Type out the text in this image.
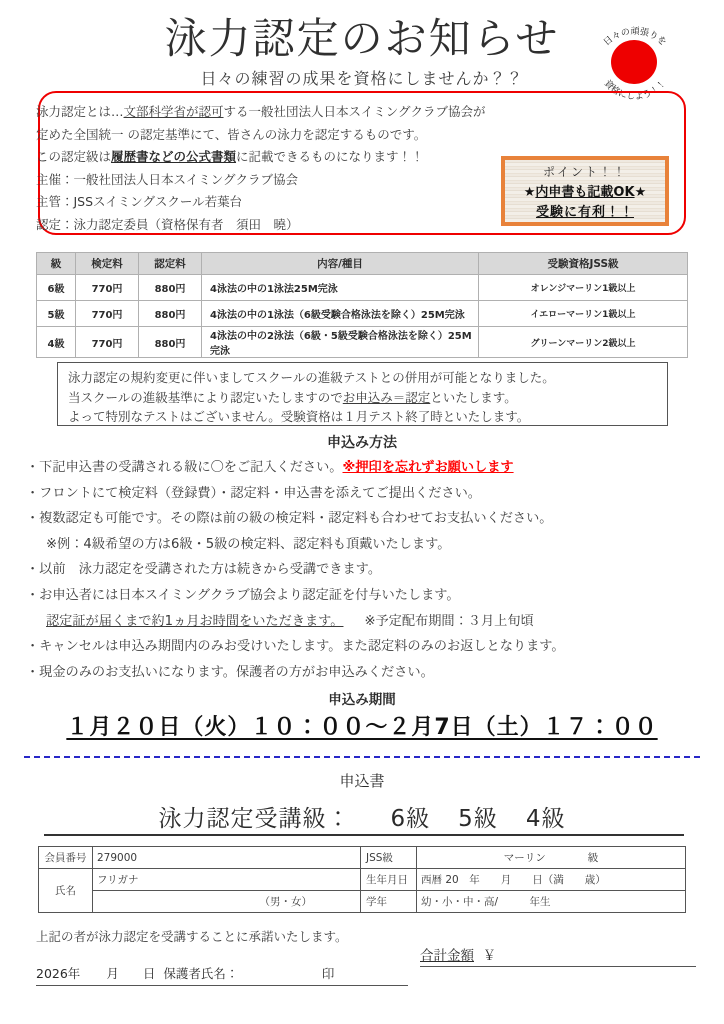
泳力認定のお知らせ
日々の練習の成果を資格にしませんか？？
日々の頑張りを
資格にしよう！！
泳力認定とは…文部科学省が認可する一般社団法人日本スイミングクラブ協会が
定めた全国統一 の認定基準にて、皆さんの泳力を認定するものです。
この認定級は履歴書などの公式書類に記載できるものになります！！
主催：一般社団法人日本スイミングクラブ協会
主管：JSSスイミングスクール若葉台
認定：泳力認定委員（資格保有者　須田　曉）
ポイント！！
★内申書も記載OK★
受験に有利！！
級	検定料	認定料	内容/種目	受験資格JSS級
6級	770円	880円	4泳法の中の1泳法25M完泳	オレンジマーリン1級以上
5級	770円	880円	4泳法の中の1泳法（6級受験合格泳法を除く）25M完泳	イエローマーリン1級以上
4級	770円	880円	4泳法の中の2泳法（6級・5級受験合格泳法を除く）25M完泳	グリーンマーリン2級以上
泳力認定の規約変更に伴いましてスクールの進級テストとの併用が可能となりました。
当スクールの進級基準により認定いたしますのでお申込み＝認定といたします。
よって特別なテストはございません。受験資格は１月テスト終了時といたします。
申込み方法
・下記申込書の受講される級に〇をご記入ください。※押印を忘れずお願いします
・フロントにて検定料（登録費）・認定料・申込書を添えてご提出ください。
・複数認定も可能です。その際は前の級の検定料・認定料も合わせてお支払いください。
※例：4級希望の方は6級・5級の検定料、認定料も頂戴いたします。
・以前　泳力認定を受講された方は続きから受講できます。
・お申込者には日本スイミングクラブ協会より認定証を付与いたします。
認定証が届くまで約1ヵ月お時間をいただきます。 ※予定配布期間：３月上旬頃
・キャンセルは申込み期間内のみお受けいたします。また認定料のみのお返しとなります。
・現金のみのお支払いになります。保護者の方がお申込みください。
申込み期間
１月２０日（火）１０：００〜２月7日（土）１７：００
申込書
泳力認定受講級： 6級 5級 4級
会員番号	279000	JSS級	マーリン 級

氏名	フリガナ	生年月日	西暦 20　年　　月　　日（満　　歳）
	（男・女）	学年	幼・小・中・高/　　　年生
上記の者が泳力認定を受講することに承諾いたします。
合計金額 ￥
2026年 月 日 保護者氏名：	印
